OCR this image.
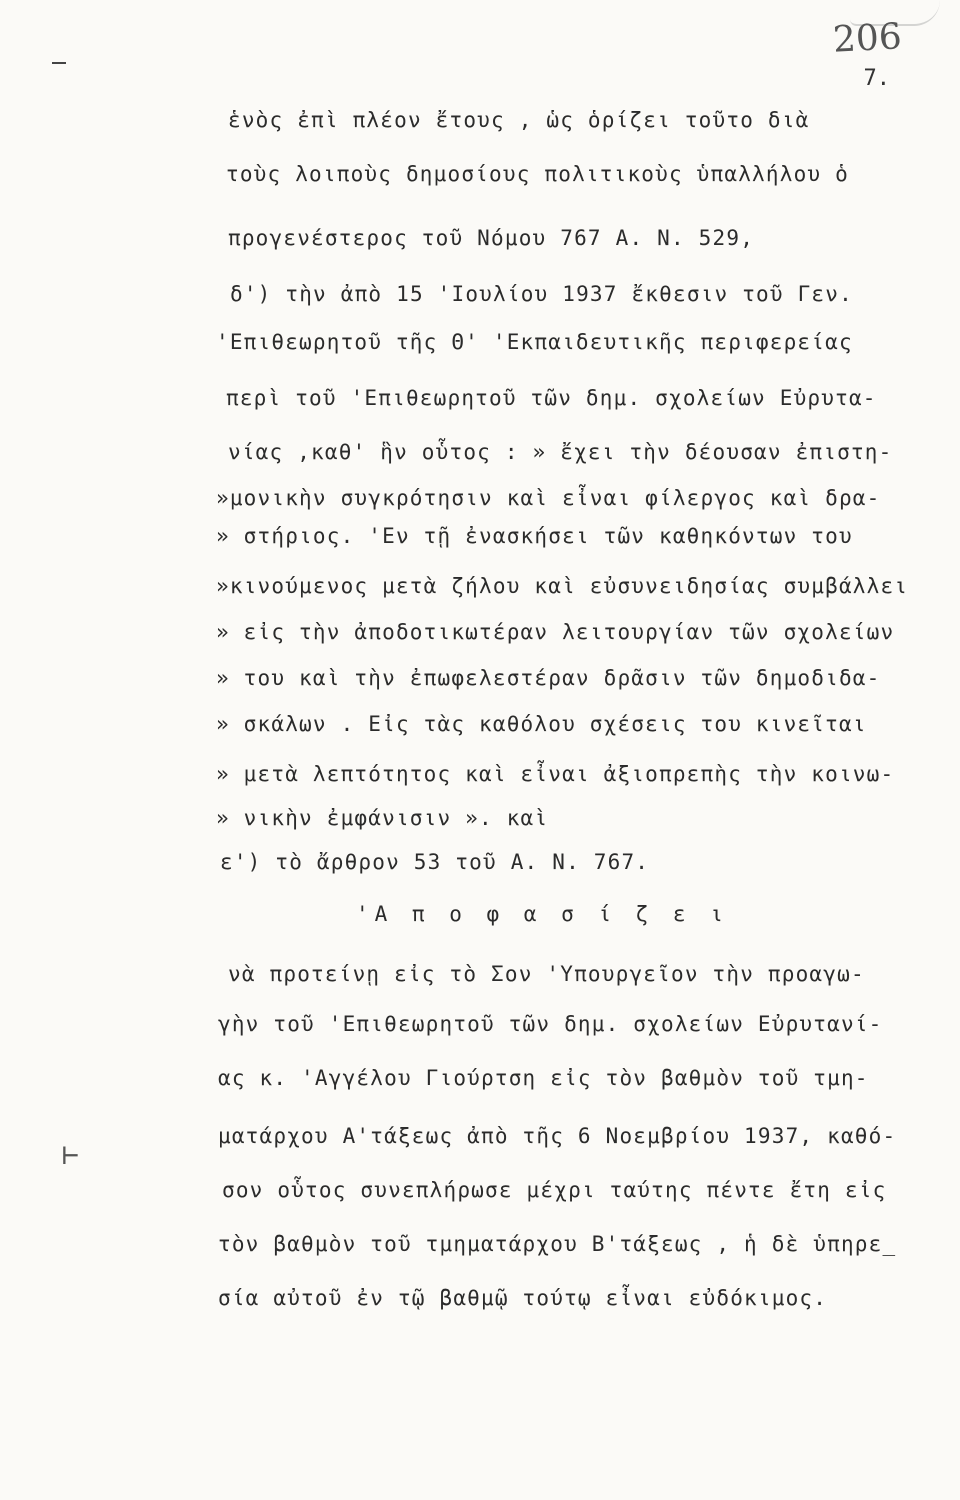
206
7.
⊢
ἑνὸς ἐπὶ πλέον ἔτους , ὡς ὁρίζει τοῦτο διὰ
τοὺς λοιποὺς δημοσίους πολιτικοὺς ὑπαλλήλου ὁ
προγενέστερος τοῦ Νόμου 767 Α. Ν. 529,
δ') τὴν ἀπὸ 15 'Ιουλίου 1937 ἔκθεσιν τοῦ Γεν.
'Επιθεωρητοῦ τῆς Θ' 'Εκπαιδευτικῆς περιφερείας
περὶ τοῦ 'Επιθεωρητοῦ τῶν δημ. σχολείων Εὐρυτα-
νίας ,καθ' ἣν οὗτος : » ἔχει τὴν δέουσαν ἐπιστη-
»μονικὴν συγκρότησιν καὶ εἶναι φίλεργος καὶ δρα-
» στήριος. 'Εν τῇ ἐνασκήσει τῶν καθηκόντων του
»κινούμενος μετὰ ζήλου καὶ εὐσυνειδησίας συμβάλλει
» εἰς τὴν ἀποδοτικωτέραν λειτουργίαν τῶν σχολείων
» του καὶ τὴν ἐπωφελεστέραν δρᾶσιν τῶν δημοδιδα-
» σκάλων . Εἰς τὰς καθόλου σχέσεις του κινεῖται
» μετὰ λεπτότητος καὶ εἶναι ἀξιοπρεπὴς τὴν κοινω-
» νικὴν ἐμφάνισιν ». καὶ
ε') τὸ ἄρθρον 53 τοῦ Α. Ν. 767.
'Α π ο φ α σ ί ζ ε ι
νὰ προτείνῃ εἰς τὸ Σον 'Υπουργεῖον τὴν προαγω-
γὴν τοῦ 'Επιθεωρητοῦ τῶν δημ. σχολείων Εὐρυτανί-
ας κ. 'Αγγέλου Γιούρτση εἰς τὸν βαθμὸν τοῦ τμη-
ματάρχου Α'τάξεως ἀπὸ τῆς 6 Νοεμβρίου 1937, καθό-
σον οὗτος συνεπλήρωσε μέχρι ταύτης πέντε ἔτη εἰς
τὸν βαθμὸν τοῦ τμηματάρχου Β'τάξεως , ἡ δὲ ὑπηρε_
σία αὐτοῦ ἐν τῷ βαθμῷ τούτῳ εἶναι εὐδόκιμος.
